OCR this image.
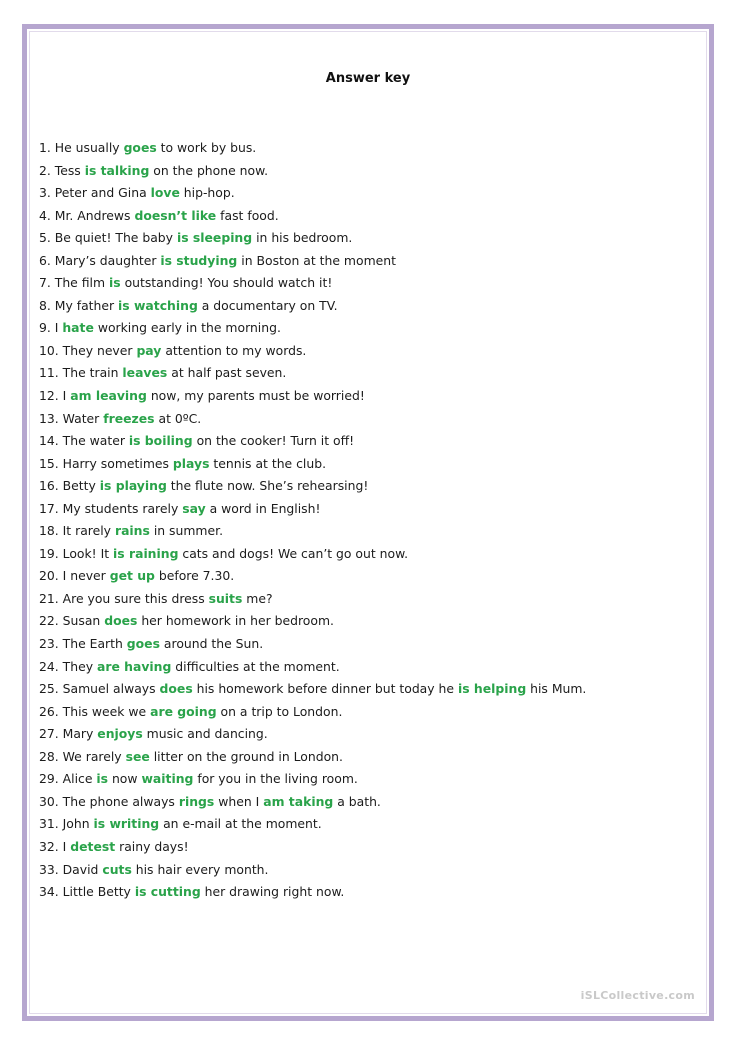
Answer key
1. He usually goes to work by bus.
2. Tess is talking on the phone now.
3. Peter and Gina love hip-hop.
4. Mr. Andrews doesn’t like fast food.
5. Be quiet! The baby is sleeping in his bedroom.
6. Mary’s daughter is studying in Boston at the moment
7. The film is outstanding! You should watch it!
8. My father is watching a documentary on TV.
9. I hate working early in the morning.
10. They never pay attention to my words.
11. The train leaves at half past seven.
12. I am leaving now, my parents must be worried!
13. Water freezes at 0ºC.
14. The water is boiling on the cooker! Turn it off!
15. Harry sometimes plays tennis at the club.
16. Betty is playing the flute now. She’s rehearsing!
17. My students rarely say a word in English!
18. It rarely rains in summer.
19. Look! It is raining cats and dogs! We can’t go out now.
20. I never get up before 7.30.
21. Are you sure this dress suits me?
22. Susan does her homework in her bedroom.
23. The Earth goes around the Sun.
24. They are having difficulties at the moment.
25. Samuel always does his homework before dinner but today he is helping his Mum.
26. This week we are going on a trip to London.
27. Mary enjoys music and dancing.
28. We rarely see litter on the ground in London.
29. Alice is now waiting for you in the living room.
30. The phone always rings when I am taking a bath.
31. John is writing an e-mail at the moment.
32. I detest rainy days!
33. David cuts his hair every month.
34. Little Betty is cutting her drawing right now.
iSLCollective.com
